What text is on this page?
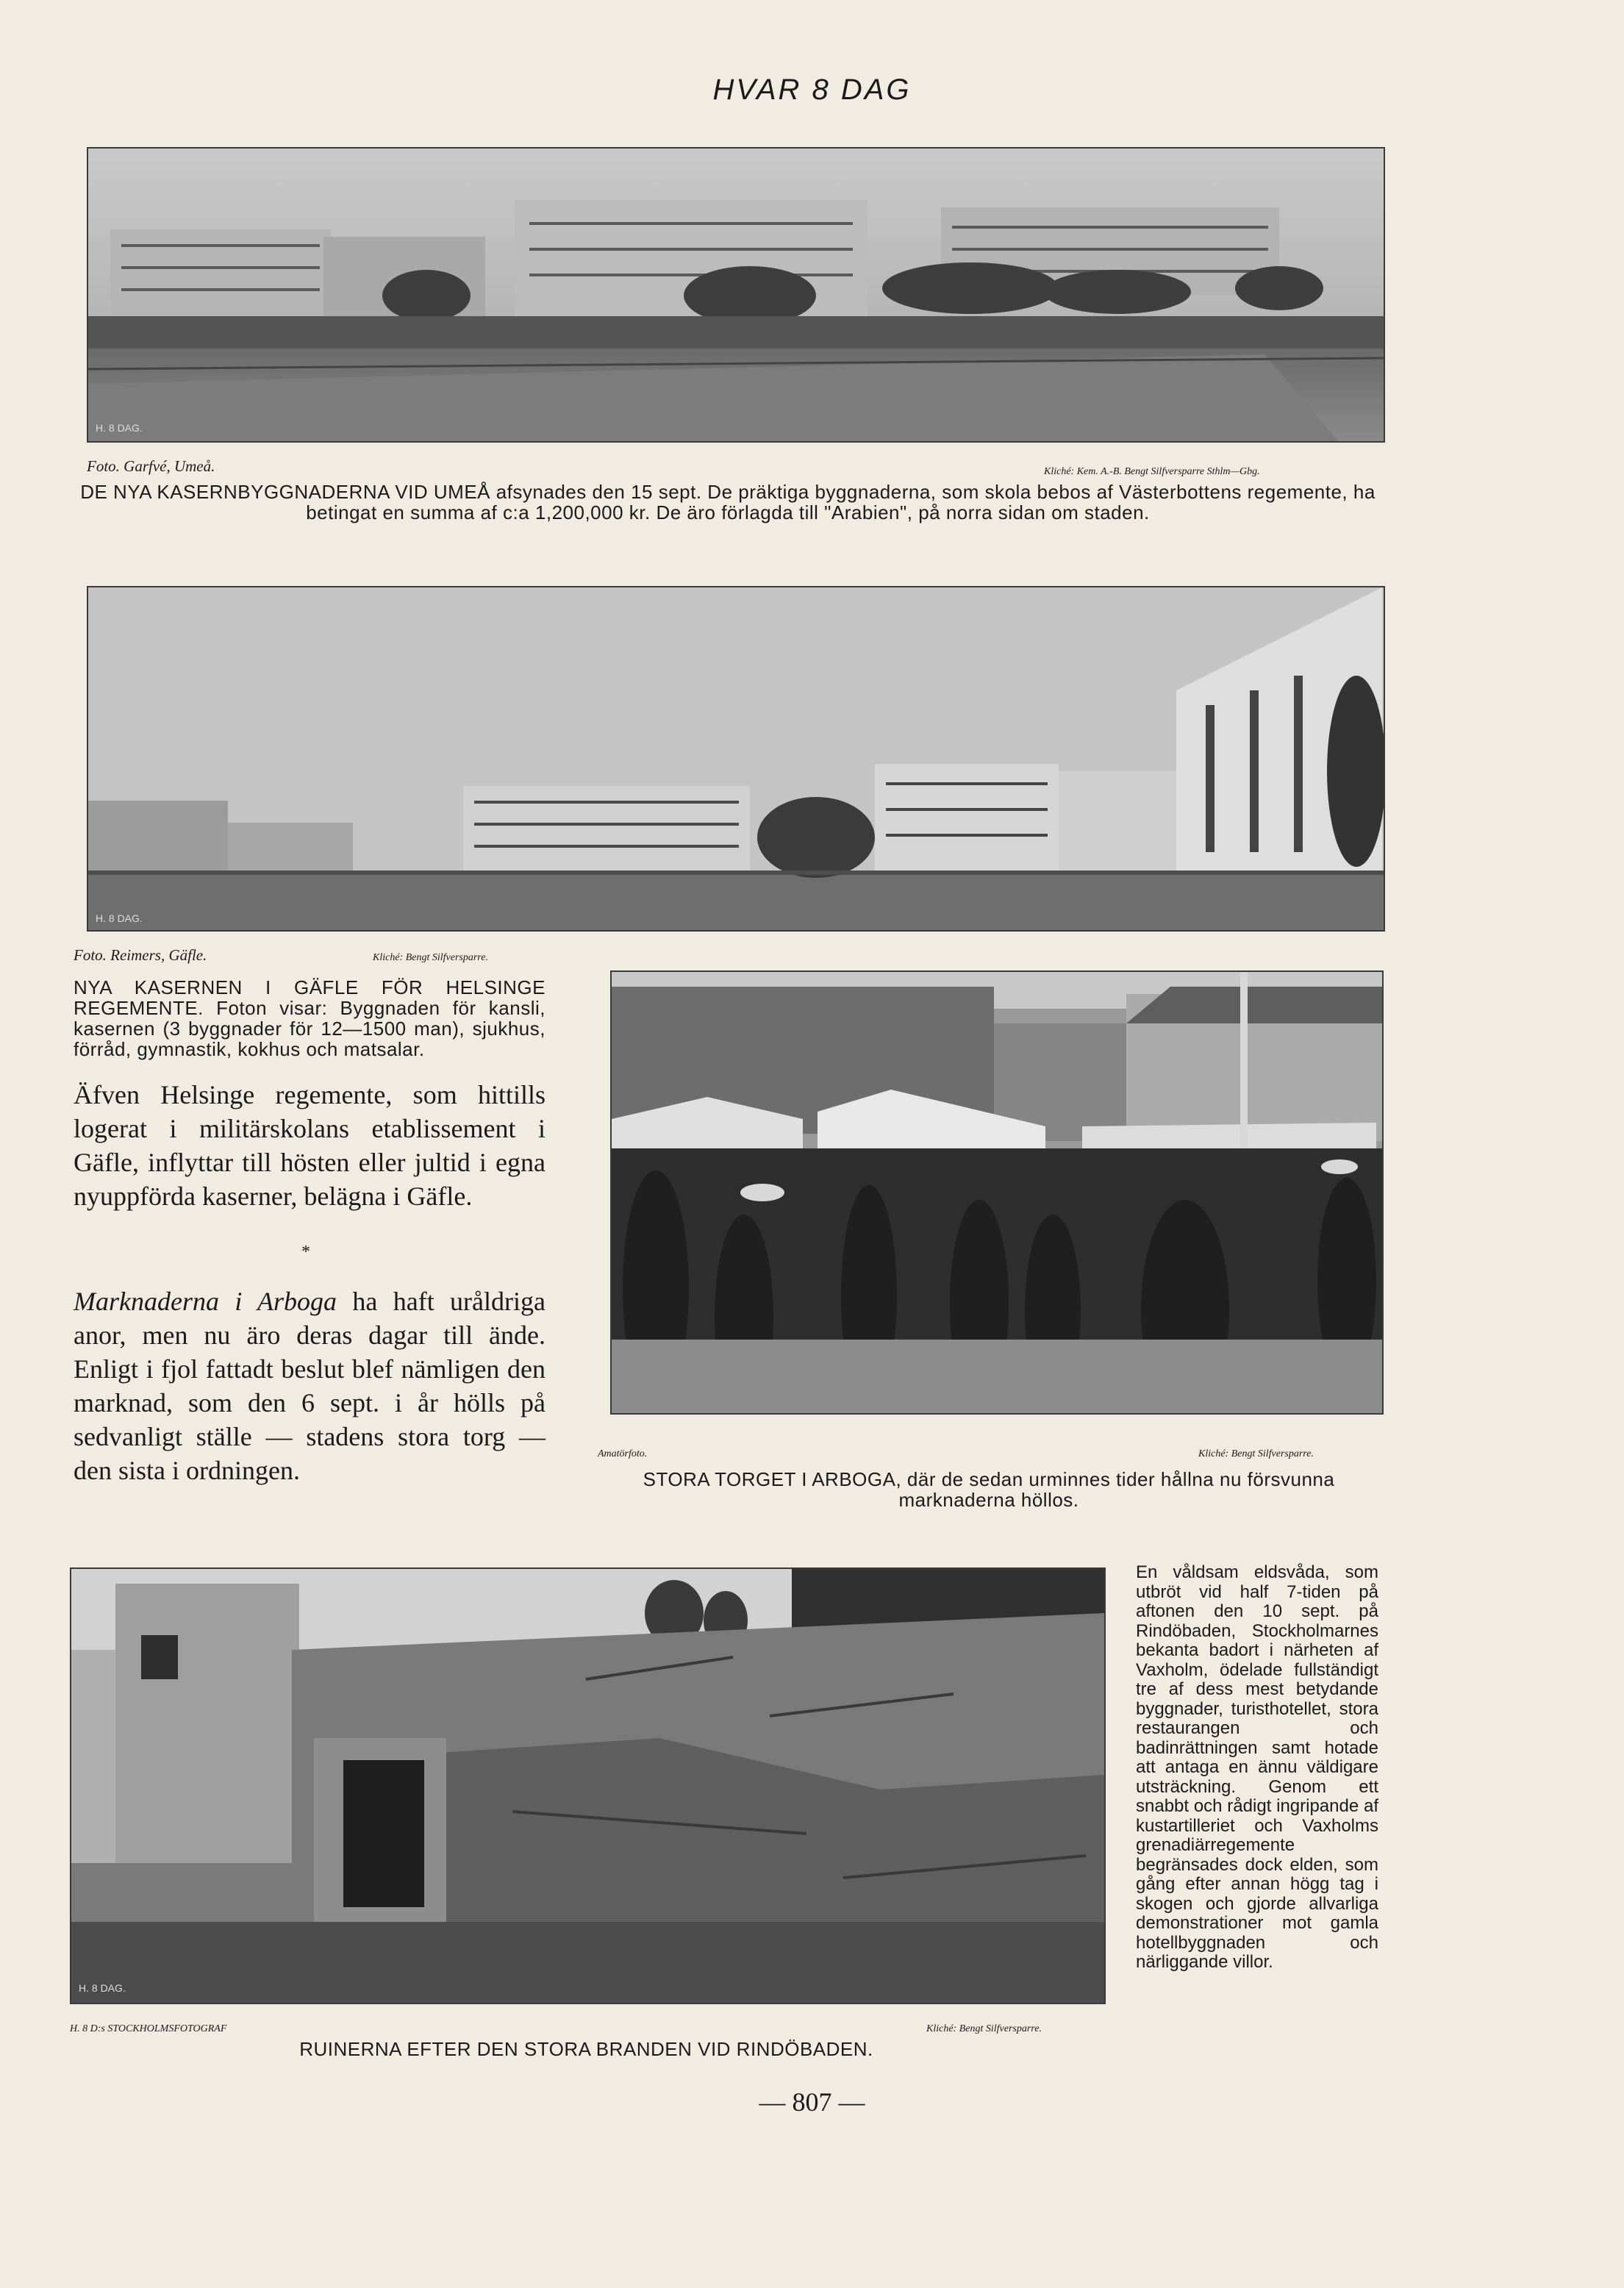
HVAR 8 DAG
H. 8 DAG.
Foto. Garfvé, Umeå.	Kliché: Kem. A.-B. Bengt Silfversparre Sthlm—Gbg.
DE NYA KASERNBYGGNADERNA VID UMEÅ afsynades den 15 sept. De präktiga byggnaderna, som skola bebos af Västerbottens regemente, ha betingat en summa af c:a 1,200,000 kr. De äro förlagda till "Arabien", på norra sidan om staden.
H. 8 DAG.
Foto. Reimers, Gäfle.	Kliché: Bengt Silfversparre.
NYA KASERNEN I GÄFLE FÖR HELSINGE REGEMENTE. Foton visar: Byggnaden för kansli, kasernen (3 byggnader för 12—1500 man), sjukhus, förråd, gymnastik, kokhus och matsalar.
Äfven Helsinge regemente, som hittills logerat i militärskolans etablissement i Gäfle, inflyttar till hösten eller jultid i egna nyuppförda kaserner, belägna i Gäfle.
*
Marknaderna i Arboga ha haft uråldriga anor, men nu äro deras dagar till ände. Enligt i fjol fattadt beslut blef nämligen den marknad, som den 6 sept. i år hölls på sedvanligt ställe — stadens stora torg — den sista i ordningen.
Amatörfoto.	Kliché: Bengt Silfversparre.
STORA TORGET I ARBOGA, där de sedan urminnes tider hållna nu försvunna marknaderna höllos.
H. 8 DAG.
H. 8 D:s STOCKHOLMSFOTOGRAF	Kliché: Bengt Silfversparre.
RUINERNA EFTER DEN STORA BRANDEN VID RINDÖBADEN.
En våldsam eldsvåda, som utbröt vid half 7-tiden på aftonen den 10 sept. på Rindöbaden, Stockholmarnes bekanta badort i närheten af Vaxholm, ödelade fullständigt tre af dess mest betydande byggnader, turisthotellet, stora restaurangen och badinrättningen samt hotade att antaga en ännu väldigare utsträckning. Genom ett snabbt och rådigt ingripande af kustartilleriet och Vaxholms grenadiärregemente begränsades dock elden, som gång efter annan högg tag i skogen och gjorde allvarliga demonstrationer mot gamla hotellbyggnaden och närliggande villor.
— 807 —
